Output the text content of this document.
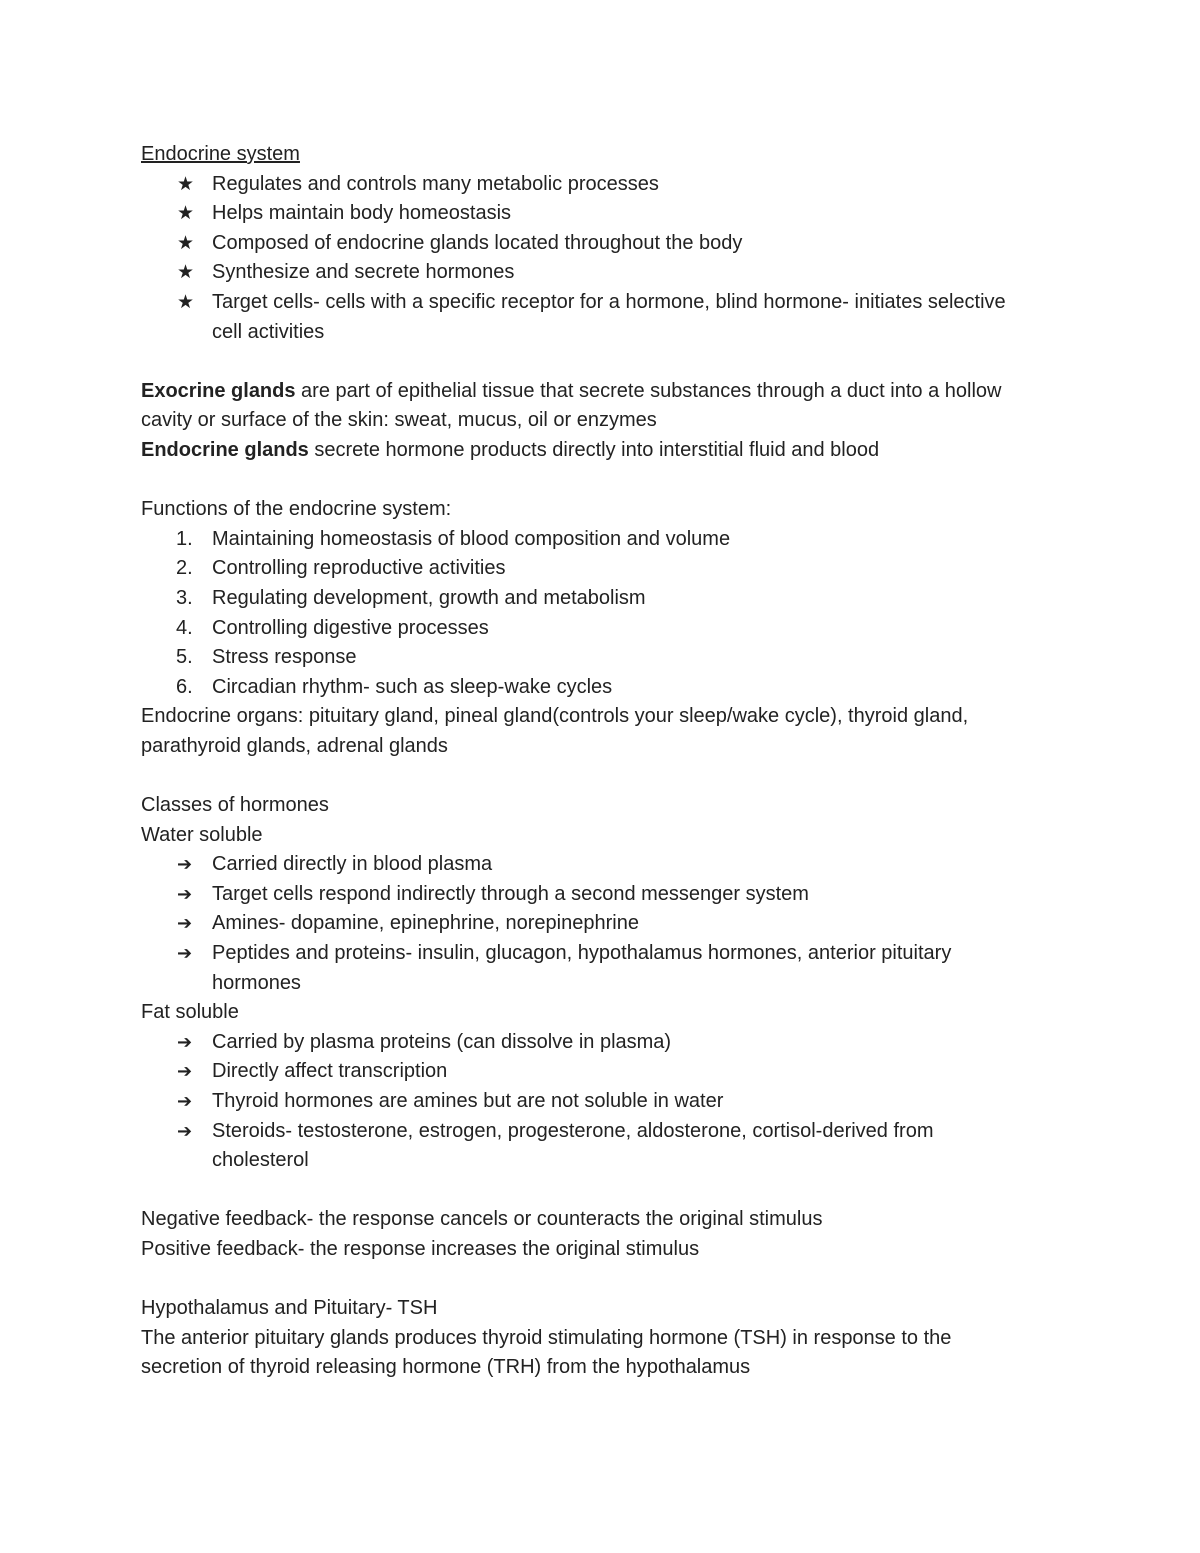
Endocrine system
★ Regulates and controls many metabolic processes
★ Helps maintain body homeostasis
★ Composed of endocrine glands located throughout the body
★ Synthesize and secrete hormones
★ Target cells- cells with a specific receptor for a hormone, blind hormone- initiates selective cell activities
Exocrine glands are part of epithelial tissue that secrete substances through a duct into a hollow cavity or surface of the skin: sweat, mucus, oil or enzymes
Endocrine glands secrete hormone products directly into interstitial fluid and blood
Functions of the endocrine system:
1. Maintaining homeostasis of blood composition and volume
2. Controlling reproductive activities
3. Regulating development, growth and metabolism
4. Controlling digestive processes
5. Stress response
6. Circadian rhythm- such as sleep-wake cycles
Endocrine organs: pituitary gland, pineal gland(controls your sleep/wake cycle), thyroid gland, parathyroid glands, adrenal glands
Classes of hormones
Water soluble
➔ Carried directly in blood plasma
➔ Target cells respond indirectly through a second messenger system
➔ Amines- dopamine, epinephrine, norepinephrine
➔ Peptides and proteins- insulin, glucagon, hypothalamus hormones, anterior pituitary hormones
Fat soluble
➔ Carried by plasma proteins (can dissolve in plasma)
➔ Directly affect transcription
➔ Thyroid hormones are amines but are not soluble in water
➔ Steroids- testosterone, estrogen, progesterone, aldosterone, cortisol-derived from cholesterol
Negative feedback- the response cancels or counteracts the original stimulus
Positive feedback- the response increases the original stimulus
Hypothalamus and Pituitary- TSH
The anterior pituitary glands produces thyroid stimulating hormone (TSH) in response to the secretion of thyroid releasing hormone (TRH) from the hypothalamus
